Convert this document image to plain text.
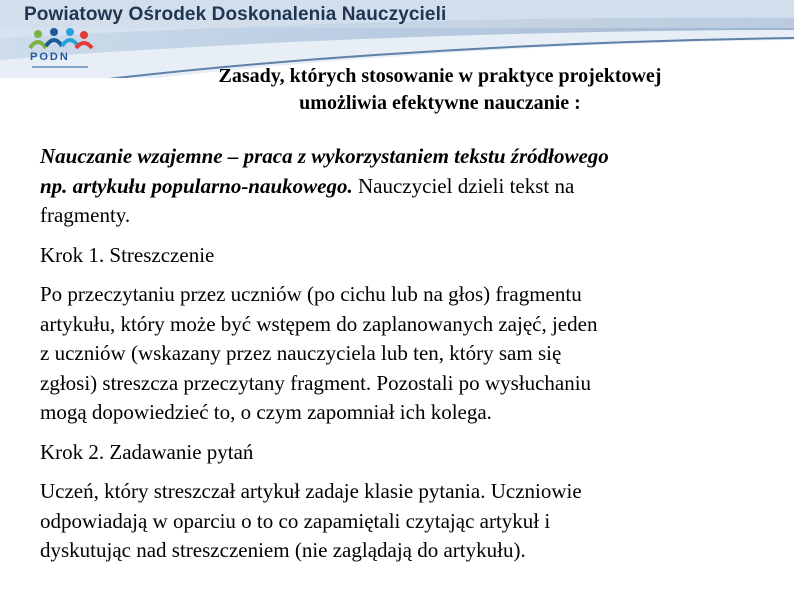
Powiatowy Ośrodek Doskonalenia Nauczycieli
PODN
Zasady, których stosowanie w praktyce projektowej
umożliwia efektywne nauczanie :
Nauczanie wzajemne – praca z wykorzystaniem tekstu źródłowego
np. artykułu popularno-naukowego. Nauczyciel dzieli tekst na
fragmenty.
Krok 1. Streszczenie
Po przeczytaniu przez uczniów (po cichu lub na głos) fragmentu
artykułu, który może być wstępem do zaplanowanych zajęć, jeden
z uczniów (wskazany przez nauczyciela lub ten, który sam się
zgłosi) streszcza przeczytany fragment. Pozostali po wysłuchaniu
mogą dopowiedzieć to, o czym zapomniał ich kolega.
Krok 2. Zadawanie pytań
Uczeń, który streszczał artykuł zadaje klasie pytania. Uczniowie
odpowiadają w oparciu o to co zapamiętali czytając artykuł i
dyskutując nad streszczeniem (nie zaglądają do artykułu).
